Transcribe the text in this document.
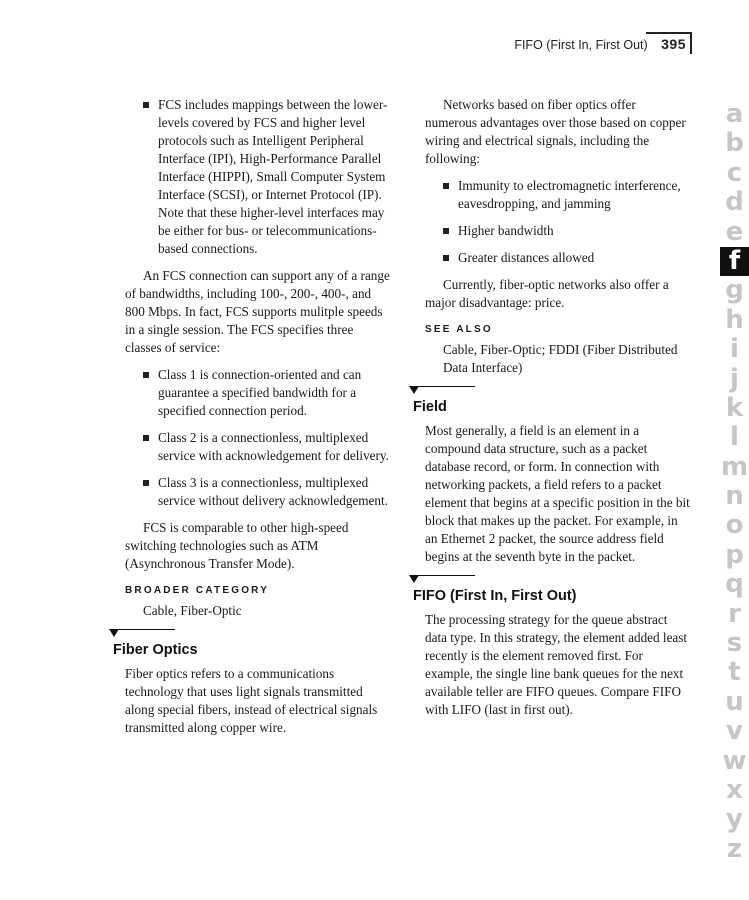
FIFO (First In, First Out) 395
FCS includes mappings between the lower-levels covered by FCS and higher level protocols such as Intelligent Peripheral Interface (IPI), High-Performance Parallel Interface (HIPPI), Small Computer System Interface (SCSI), or Internet Protocol (IP). Note that these higher-level interfaces may be either for bus- or telecommunications-based connections.

An FCS connection can support any of a range of bandwidths, including 100-, 200-, 400-, and 800 Mbps. In fact, FCS supports mulitple speeds in a single session. The FCS specifies three classes of service:

Class 1 is connection-oriented and can guarantee a specified bandwidth for a specified connection period.
Class 2 is a connectionless, multiplexed service with acknowledgement for delivery.
Class 3 is a connectionless, multiplexed service without delivery acknowledgement.

FCS is comparable to other high-speed switching technologies such as ATM (Asynchronous Transfer Mode).

BROADER CATEGORY
Cable, Fiber-Optic
Fiber Optics

Fiber optics refers to a communications technology that uses light signals transmitted along special fibers, instead of electrical signals transmitted along copper wire.

Networks based on fiber optics offer numerous advantages over those based on copper wiring and electrical signals, including the following:

Immunity to electromagnetic interference, eavesdropping, and jamming
Higher bandwidth
Greater distances allowed

Currently, fiber-optic networks also offer a major disadvantage: price.

SEE ALSO
Cable, Fiber-Optic; FDDI (Fiber Distributed Data Interface)
Field

Most generally, a field is an element in a compound data structure, such as a packet database record, or form. In connection with networking packets, a field refers to a packet element that begins at a specific position in the bit block that makes up the packet. For example, in an Ethernet 2 packet, the source address field begins at the seventh byte in the packet.

FIFO (First In, First Out)

The processing strategy for the queue abstract data type. In this strategy, the element added least recently is the element removed first. For example, the single line bank queues for the next available teller are FIFO queues. Compare FIFO with LIFO (last in first out).

a
b
c
d
e
f
g
h
i
j
k
l
m
n
o
p
q
r
s
t
u
v
w
x
y
z
